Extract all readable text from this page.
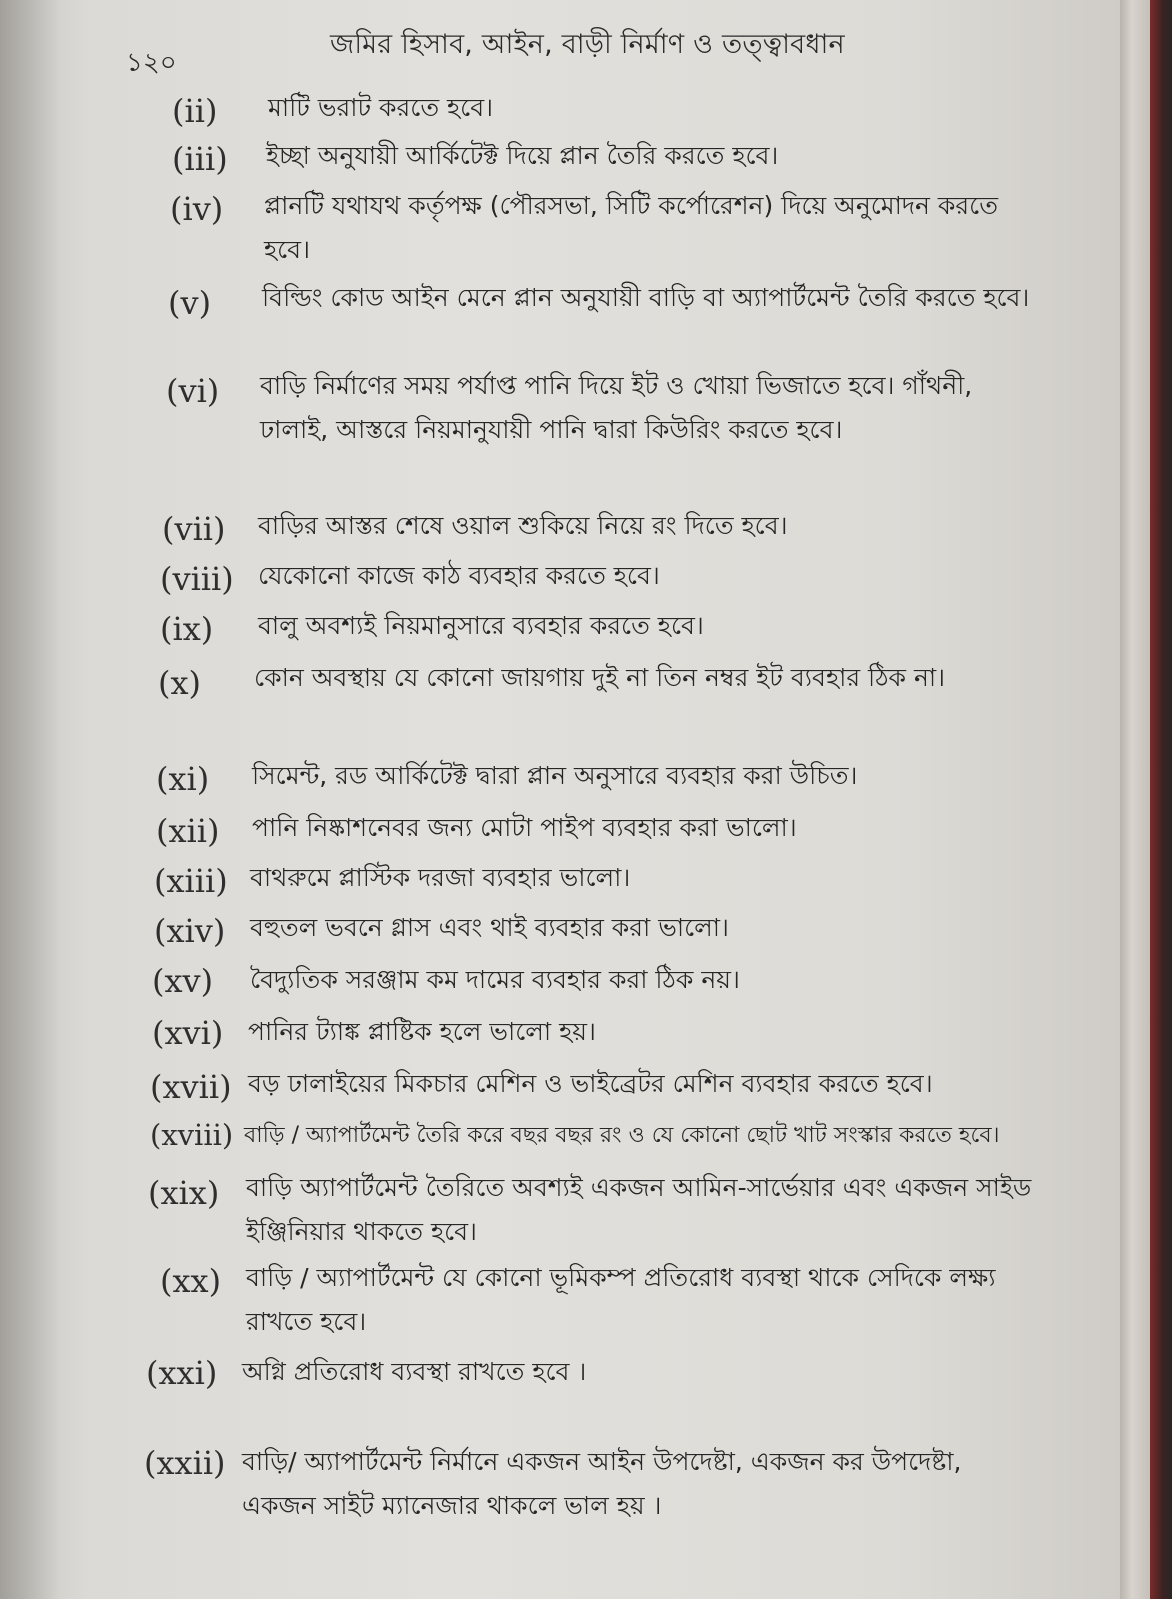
১২০
জমির হিসাব, আইন, বাড়ী নির্মাণ ও তত্ত্বাবধান
(ii) মাটি ভরাট করতে হবে।
(iii) ইচ্ছা অনুযায়ী আর্কিটেক্ট দিয়ে প্লান তৈরি করতে হবে।
(iv) প্লানটি যথাযথ কর্তৃপক্ষ (পৌরসভা, সিটি কর্পোরেশন) দিয়ে অনুমোদন করতে হবে।
(v) বিল্ডিং কোড আইন মেনে প্লান অনুযায়ী বাড়ি বা অ্যাপার্টমেন্ট তৈরি করতে হবে।
(vi) বাড়ি নির্মাণের সময় পর্যাপ্ত পানি দিয়ে ইট ও খোয়া ভিজাতে হবে। গাঁথনী, ঢালাই, আস্তরে নিয়মানুযায়ী পানি দ্বারা কিউরিং করতে হবে।
(vii) বাড়ির আস্তর শেষে ওয়াল শুকিয়ে নিয়ে রং দিতে হবে।
(viii) যেকোনো কাজে কাঠ ব্যবহার করতে হবে।
(ix) বালু অবশ্যই নিয়মানুসারে ব্যবহার করতে হবে।
(x) কোন অবস্থায় যে কোনো জায়গায় দুই না তিন নম্বর ইট ব্যবহার ঠিক না।
(xi) সিমেন্ট, রড আর্কিটেক্ট দ্বারা প্লান অনুসারে ব্যবহার করা উচিত।
(xii) পানি নিষ্কাশনেবর জন্য মোটা পাইপ ব্যবহার করা ভালো।
(xiii) বাথরুমে প্লাস্টিক দরজা ব্যবহার ভালো।
(xiv) বহুতল ভবনে গ্লাস এবং থাই ব্যবহার করা ভালো।
(xv) বৈদ্যুতিক সরঞ্জাম কম দামের ব্যবহার করা ঠিক নয়।
(xvi) পানির ট্যাঙ্ক প্লাষ্টিক হলে ভালো হয়।
(xvii) বড় ঢালাইয়ের মিকচার মেশিন ও ভাইব্রেটর মেশিন ব্যবহার করতে হবে।
(xviii) বাড়ি / অ্যাপার্টমেন্ট তৈরি করে বছর বছর রং ও যে কোনো ছোট খাট সংস্কার করতে হবে।
(xix) বাড়ি অ্যাপার্টমেন্ট তৈরিতে অবশ্যই একজন আমিন-সার্ভেয়ার এবং একজন সাইড ইঞ্জিনিয়ার থাকতে হবে।
(xx) বাড়ি / অ্যাপার্টমেন্ট যে কোনো ভূমিকম্প প্রতিরোধ ব্যবস্থা থাকে সেদিকে লক্ষ্য রাখতে হবে।
(xxi) অগ্নি প্রতিরোধ ব্যবস্থা রাখতে হবে ।
(xxii) বাড়ি/ অ্যাপার্টমেন্ট নির্মানে একজন আইন উপদেষ্টা, একজন কর উপদেষ্টা, একজন সাইট ম্যানেজার থাকলে ভাল হয় ।
